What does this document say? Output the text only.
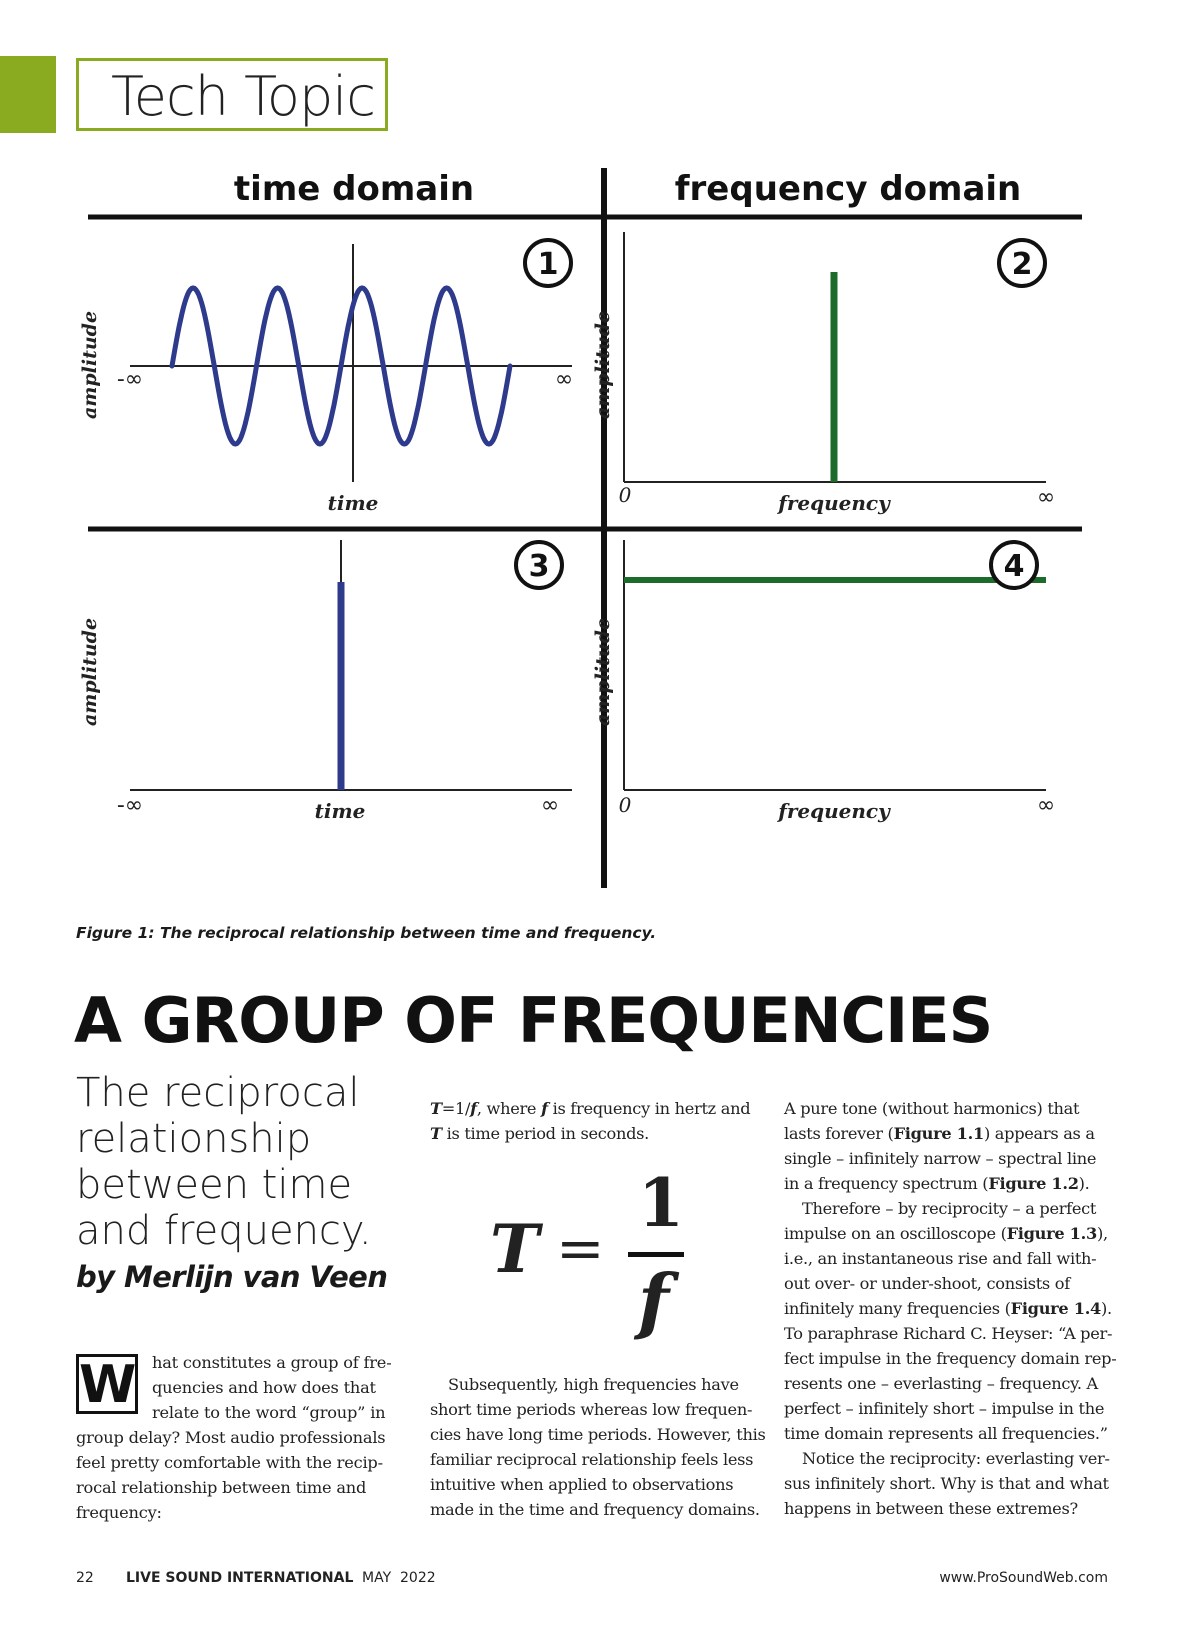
Tech Topic
time domain	frequency domain
amplitude
time
-∞	∞
1
amplitude
frequency
0	∞
2
amplitude
time
-∞	∞
3
amplitude
frequency
0	∞
4
Figure 1: The reciprocal relationship between time and frequency.
A GROUP OF FREQUENCIES
The reciprocal
relationship
between time
and frequency.
by Merlijn van Veen
W hat constitutes a group of fre-
quencies and how does that
relate to the word “group” in
group delay? Most audio professionals
feel pretty comfortable with the recip-
rocal relationship between time and
frequency:

T=1/f, where f is frequency in hertz and
T is time period in seconds.

T =
1
f

Subsequently, high frequencies have
short time periods whereas low frequen-
cies have long time periods. However, this
familiar reciprocal relationship feels less
intuitive when applied to observations
made in the time and frequency domains.

A pure tone (without harmonics) that
lasts forever (Figure 1.1) appears as a
single – infinitely narrow – spectral line
in a frequency spectrum (Figure 1.2).
Therefore – by reciprocity – a perfect
impulse on an oscilloscope (Figure 1.3),
i.e., an instantaneous rise and fall with-
out over- or under-shoot, consists of
infinitely many frequencies (Figure 1.4).
To paraphrase Richard C. Heyser: “A per-
fect impulse in the frequency domain rep-
resents one – everlasting – frequency. A
perfect – infinitely short – impulse in the
time domain represents all frequencies.”
Notice the reciprocity: everlasting ver-
sus infinitely short. Why is that and what
happens in between these extremes?

22 LIVE SOUND INTERNATIONAL MAY  2022	www.ProSoundWeb.com
